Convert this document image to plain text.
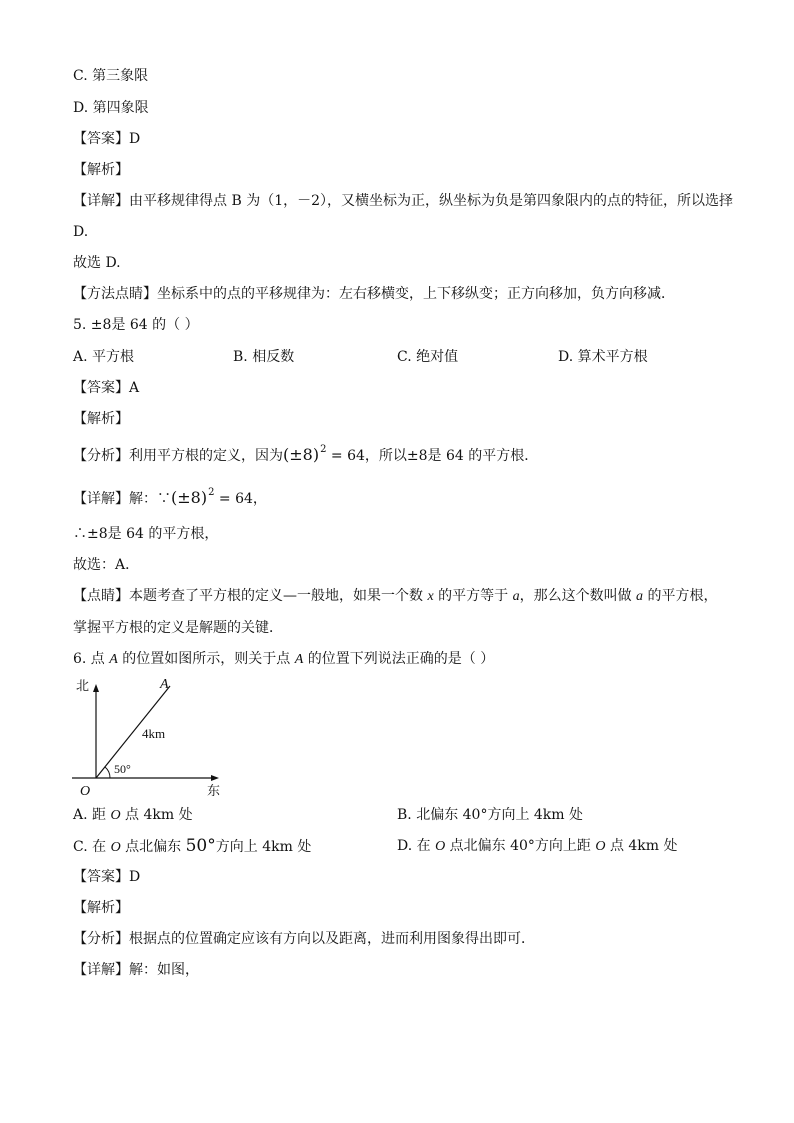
C. 第三象限
D. 第四象限
【答案】D
【解析】
【详解】由平移规律得点 B 为（1，－2），又横坐标为正，纵坐标为负是第四象限内的点的特征，所以选择
D.
故选 D.
【方法点睛】坐标系中的点的平移规律为：左右移横变，上下移纵变；正方向移加，负方向移减．
5. ±8是 64 的（ ）
A. 平方根	B. 相反数	C. 绝对值	D. 算术平方根
【答案】A
【解析】
【分析】利用平方根的定义，因为$(\pm 8)^2 = 64$，所以±8是 64 的平方根．
【详解】解：$\because(\pm 8)^2 = 64$，
∴±8是 64 的平方根，
故选：A．
【点睛】本题考查了平方根的定义—一般地，如果一个数 x 的平方等于 a，那么这个数叫做 a 的平方根，
掌握平方根的定义是解题的关键．
6. 点 A 的位置如图所示，则关于点 A 的位置下列说法正确的是（ ）
北
东
O
A
4km
50°
A. 距 O 点 4km 处	B. 北偏东 40°方向上 4km 处
C. 在 O 点北偏东 50°方向上 4km 处	D. 在 O 点北偏东 40°方向上距 O 点 4km 处
【答案】D
【解析】
【分析】根据点的位置确定应该有方向以及距离，进而利用图象得出即可．
【详解】解：如图，
